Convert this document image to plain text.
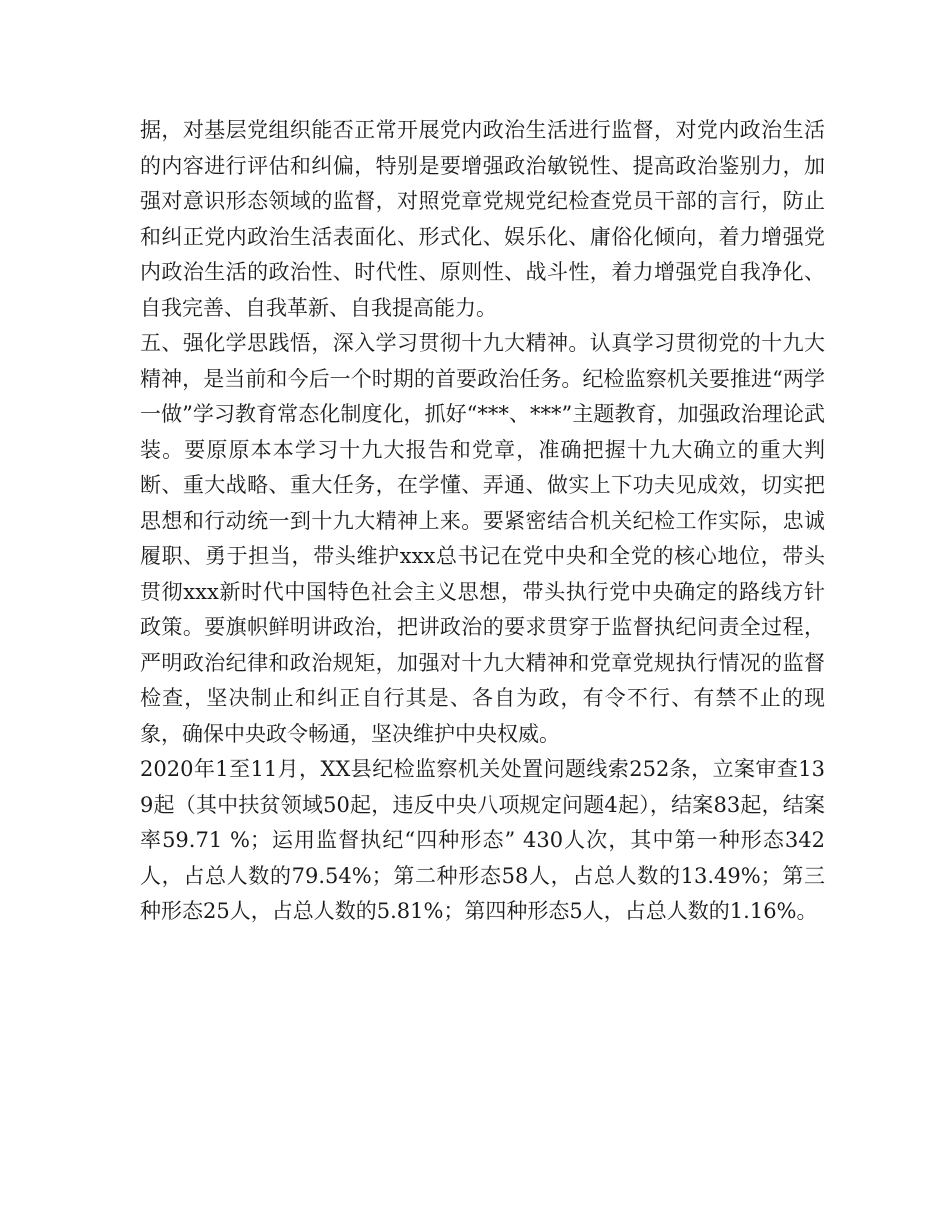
据，对基层党组织能否正常开展党内政治生活进行监督，对党内政治生活的内容进行评估和纠偏，特别是要增强政治敏锐性、提高政治鉴别力，加强对意识形态领域的监督，对照党章党规党纪检查党员干部的言行，防止和纠正党内政治生活表面化、形式化、娱乐化、庸俗化倾向，着力增强党内政治生活的政治性、时代性、原则性、战斗性，着力增强党自我净化、自我完善、自我革新、自我提高能力。

五、强化学思践悟，深入学习贯彻十九大精神。认真学习贯彻党的十九大精神，是当前和今后一个时期的首要政治任务。纪检监察机关要推进“两学一做”学习教育常态化制度化，抓好“***、***”主题教育，加强政治理论武装。要原原本本学习十九大报告和党章，准确把握十九大确立的重大判断、重大战略、重大任务，在学懂、弄通、做实上下功夫见成效，切实把思想和行动统一到十九大精神上来。要紧密结合机关纪检工作实际，忠诚履职、勇于担当，带头维护xxx总书记在党中央和全党的核心地位，带头贯彻xxx新时代中国特色社会主义思想，带头执行党中央确定的路线方针政策。要旗帜鲜明讲政治，把讲政治的要求贯穿于监督执纪问责全过程，严明政治纪律和政治规矩，加强对十九大精神和党章党规执行情况的监督检查，坚决制止和纠正自行其是、各自为政，有令不行、有禁不止的现象，确保中央政令畅通，坚决维护中央权威。

2020年1至11月，XX县纪检监察机关处置问题线索252条，立案审查139起（其中扶贫领域50起，违反中央八项规定问题4起），结案83起，结案率59.71 %；运用监督执纪“四种形态” 430人次，其中第一种形态342人，占总人数的79.54%；第二种形态58人，占总人数的13.49%；第三种形态25人，占总人数的5.81%；第四种形态5人，占总人数的1.16%。
